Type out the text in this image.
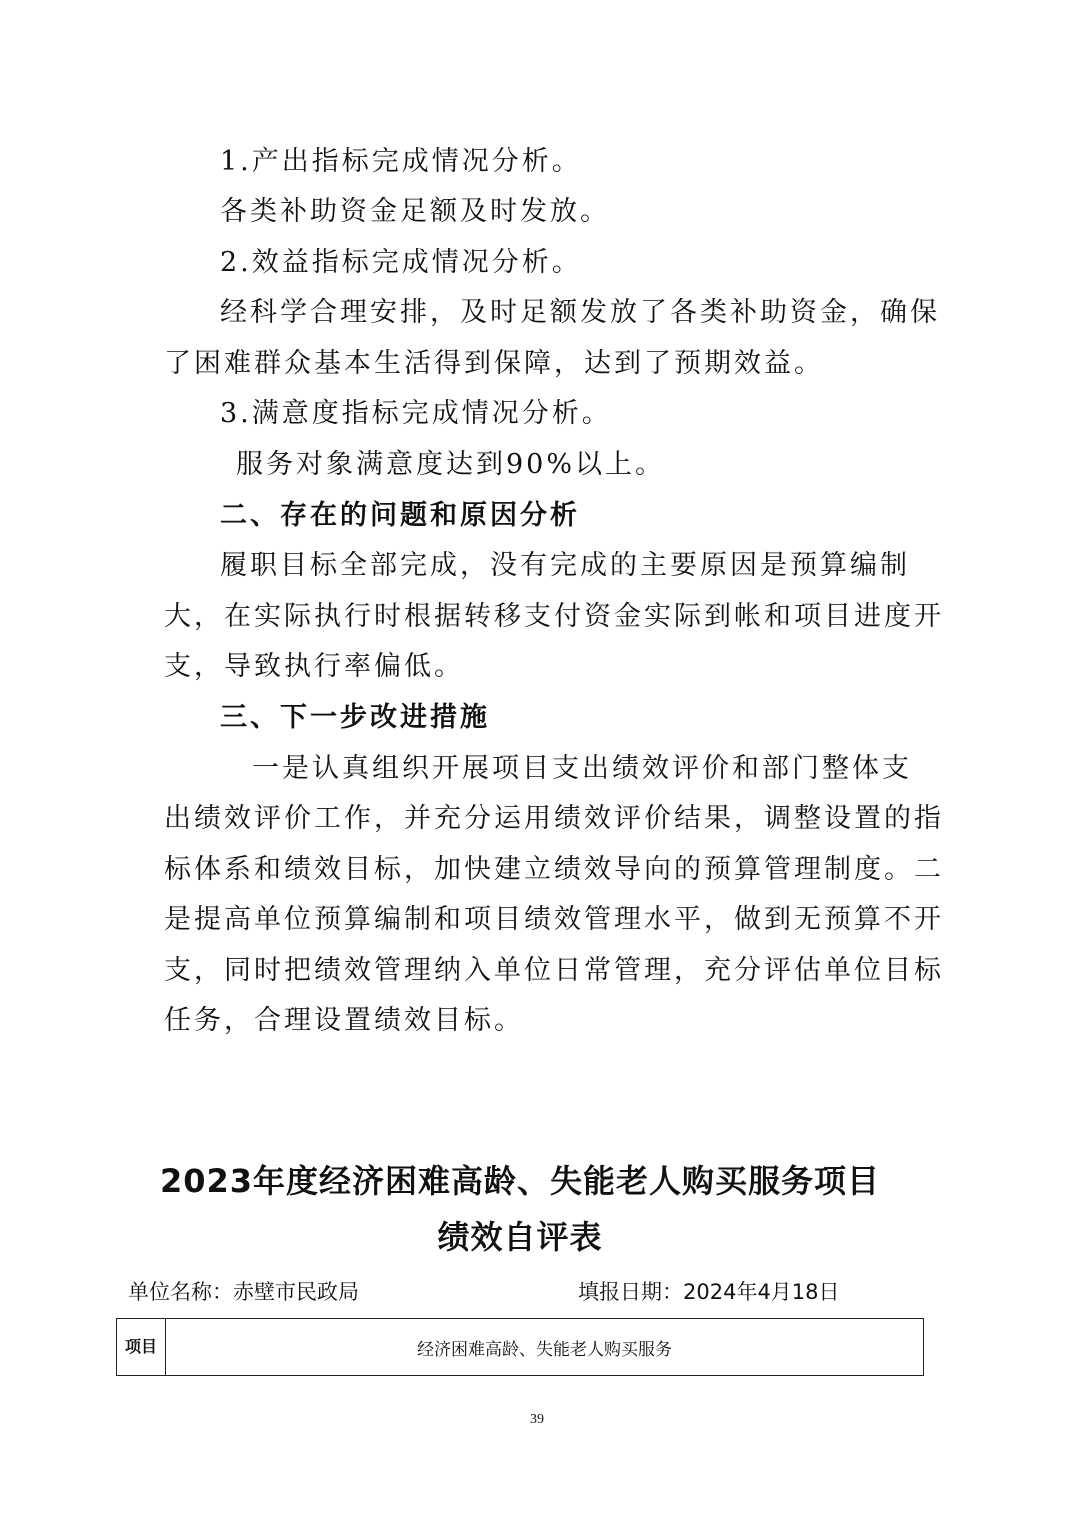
1.产出指标完成情况分析。
各类补助资金足额及时发放。
2.效益指标完成情况分析。
经科学合理安排，及时足额发放了各类补助资金，确保
了困难群众基本生活得到保障，达到了预期效益。
3.满意度指标完成情况分析。
服务对象满意度达到90%以上。
二、存在的问题和原因分析
履职目标全部完成，没有完成的主要原因是预算编制
大，在实际执行时根据转移支付资金实际到帐和项目进度开
支，导致执行率偏低。
三、下一步改进措施
一是认真组织开展项目支出绩效评价和部门整体支
出绩效评价工作，并充分运用绩效评价结果，调整设置的指
标体系和绩效目标，加快建立绩效导向的预算管理制度。二
是提高单位预算编制和项目绩效管理水平，做到无预算不开
支，同时把绩效管理纳入单位日常管理，充分评估单位目标
任务，合理设置绩效目标。
2023年度经济困难高龄、失能老人购买服务项目
绩效自评表
单位名称：赤壁市民政局	填报日期：2024年4月18日
项目	经济困难高龄、失能老人购买服务
39
